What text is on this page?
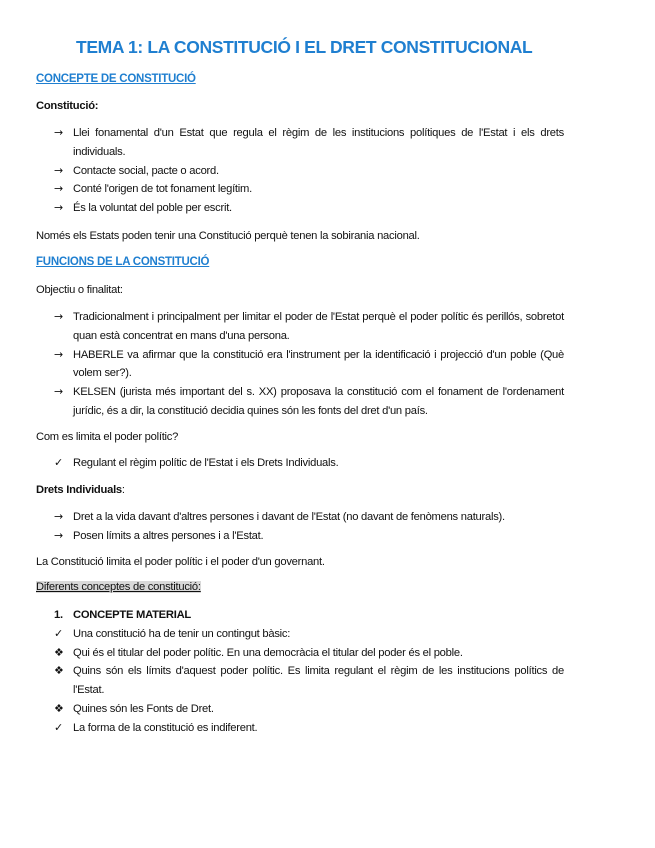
TEMA 1: LA CONSTITUCIÓ I EL DRET CONSTITUCIONAL
CONCEPTE DE CONSTITUCIÓ
Constitució:
→ Llei fonamental d'un Estat que regula el règim de les institucions polítiques de l'Estat i els drets individuals.
→ Contacte social, pacte o acord.
→ Conté l'origen de tot fonament legítim.
→ És la voluntat del poble per escrit.
Només els Estats poden tenir una Constitució perquè tenen la sobirania nacional.
FUNCIONS DE LA CONSTITUCIÓ
Objectiu o finalitat:
→ Tradicionalment i principalment per limitar el poder de l'Estat perquè el poder polític és perillós, sobretot quan està concentrat en mans d'una persona.
→ HABERLE va afirmar que la constitució era l'instrument per la identificació i projecció d'un poble (Què volem ser?).
→ KELSEN (jurista més important del s. XX) proposava la constitució com el fonament de l'ordenament jurídic, és a dir, la constitució decidia quines són les fonts del dret d'un país.
Com es limita el poder polític?
✓ Regulant el règim polític de l'Estat i els Drets Individuals.
Drets Individuals:
→ Dret a la vida davant d'altres persones i davant de l'Estat (no davant de fenòmens naturals).
→ Posen límits a altres persones i a l'Estat.
La Constitució limita el poder polític i el poder d'un governant.
Diferents conceptes de constitució:
1. CONCEPTE MATERIAL
✓ Una constitució ha de tenir un contingut bàsic:
❖ Qui és el titular del poder polític. En una democràcia el titular del poder és el poble.
❖ Quins són els límits d'aquest poder polític. Es limita regulant el règim de les institucions polítics de l'Estat.
❖ Quines són les Fonts de Dret.
✓ La forma de la constitució es indiferent.
